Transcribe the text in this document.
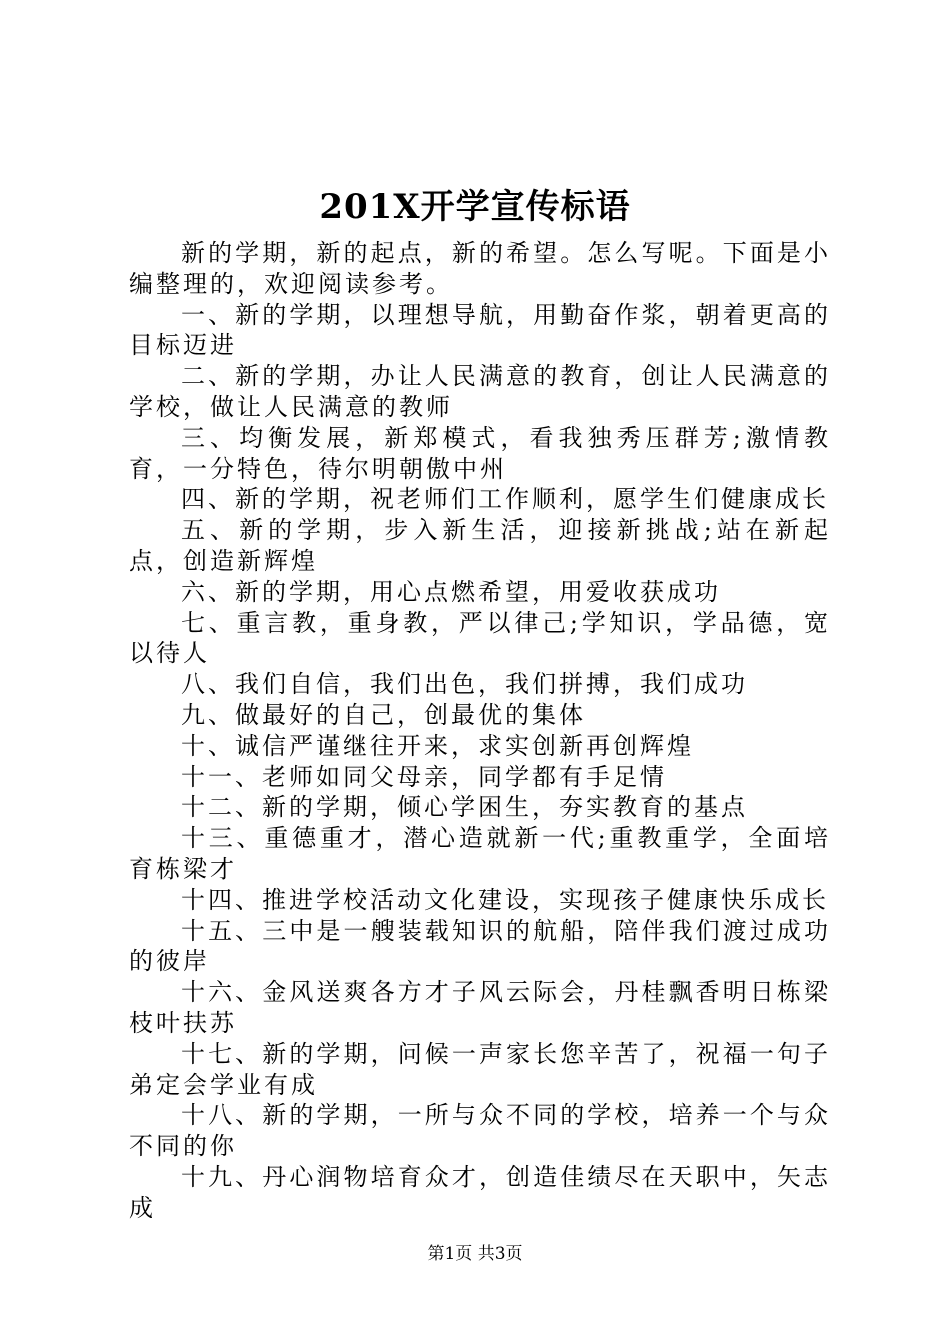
201X开学宣传标语

新的学期，新的起点，新的希望。怎么写呢。下面是小编整理的，欢迎阅读参考。

一、新的学期，以理想导航，用勤奋作浆，朝着更高的目标迈进

二、新的学期，办让人民满意的教育，创让人民满意的学校，做让人民满意的教师

三、均衡发展，新郑模式，看我独秀压群芳;激情教育，一分特色，待尔明朝傲中州

四、新的学期，祝老师们工作顺利，愿学生们健康成长

五、新的学期，步入新生活，迎接新挑战;站在新起点，创造新辉煌

六、新的学期，用心点燃希望，用爱收获成功

七、重言教，重身教，严以律己;学知识，学品德，宽以待人

八、我们自信，我们出色，我们拼搏，我们成功

九、做最好的自己，创最优的集体

十、诚信严谨继往开来，求实创新再创辉煌

十一、老师如同父母亲，同学都有手足情

十二、新的学期，倾心学困生，夯实教育的基点

十三、重德重才，潜心造就新一代;重教重学，全面培育栋梁才

十四、推进学校活动文化建设，实现孩子健康快乐成长

十五、三中是一艘装载知识的航船，陪伴我们渡过成功的彼岸

十六、金风送爽各方才子风云际会，丹桂飘香明日栋梁枝叶扶苏

十七、新的学期，问候一声家长您辛苦了，祝福一句子弟定会学业有成

十八、新的学期，一所与众不同的学校，培养一个与众不同的你

十九、丹心润物培育众才，创造佳绩尽在天职中，矢志成

第1页 共3页
